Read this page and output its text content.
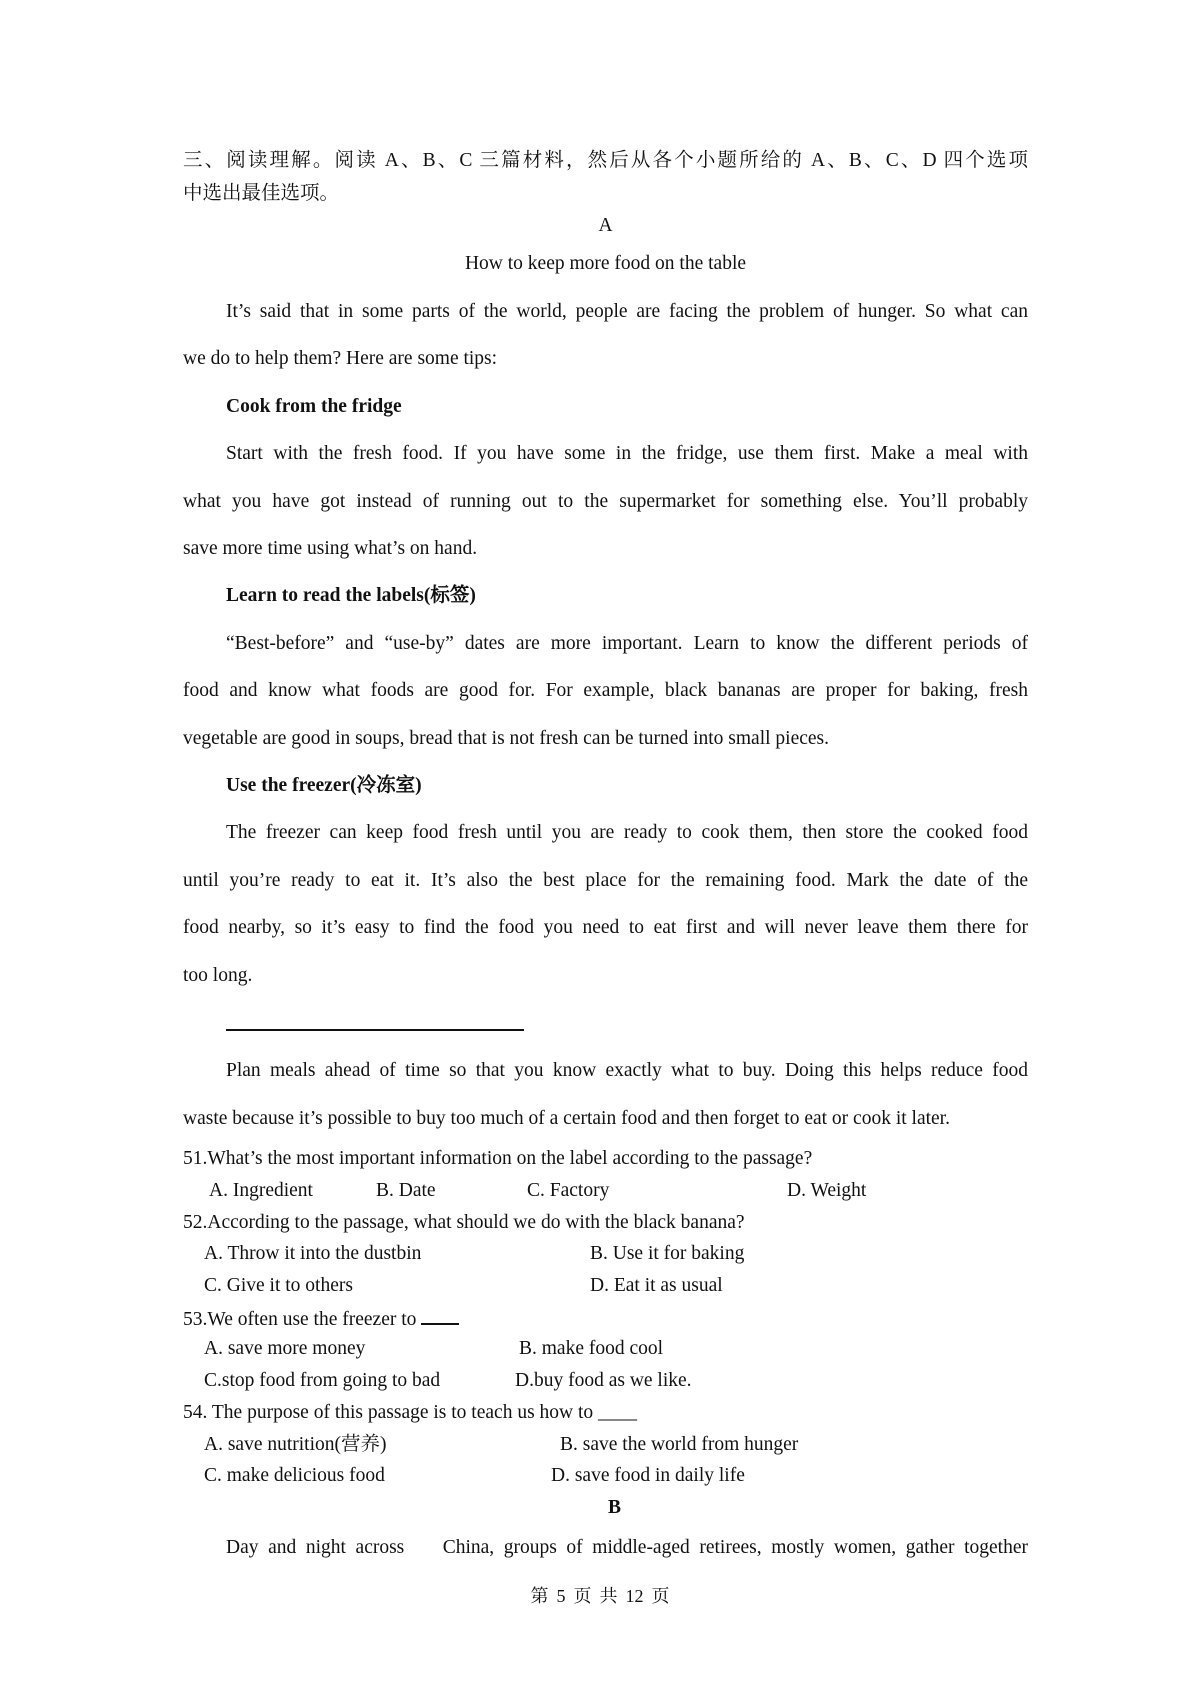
三、阅读理解。阅读 A、B、C 三篇材料，然后从各个小题所给的 A、B、C、D 四个选项
中选出最佳选项。
A
How to keep more food on the table
It’s said that in some parts of the world, people are facing the problem of hunger. So what can
we do to help them? Here are some tips:
Cook from the fridge
Start with the fresh food. If you have some in the fridge, use them first. Make a meal with
what you have got instead of running out to the supermarket for something else. You’ll probably
save more time using what’s on hand.
Learn to read the labels(标签)
“Best-before” and “use-by” dates are more important. Learn to know the different periods of
food and know what foods are good for. For example, black bananas are proper for baking, fresh
vegetable are good in soups, bread that is not fresh can be turned into small pieces.
Use the freezer(冷冻室)
The freezer can keep food fresh until you are ready to cook them, then store the cooked food
until you’re ready to eat it. It’s also the best place for the remaining food. Mark the date of the
food nearby, so it’s easy to find the food you need to eat first and will never leave them there for
too long.
Plan meals ahead of time so that you know exactly what to buy. Doing this helps reduce food
waste because it’s possible to buy too much of a certain food and then forget to eat or cook it later.
51.What’s the most important information on the label according to the passage?
A. Ingredient	B. Date	C. Factory	D. Weight
52.According to the passage, what should we do with the black banana?
A. Throw it into the dustbin	B. Use it for baking
C. Give it to others	D. Eat it as usual
53.We often use the freezer to
A. save more money	B. make food cool
C.stop food from going to bad	D.buy food as we like.
54. The purpose of this passage is to teach us how to ____
A. save nutrition(营养)	B. save the world from hunger
C. make delicious food	D. save food in daily life
B
Day and night across    China, groups of middle-aged retirees, mostly women, gather together
第 5 页 共 12 页
